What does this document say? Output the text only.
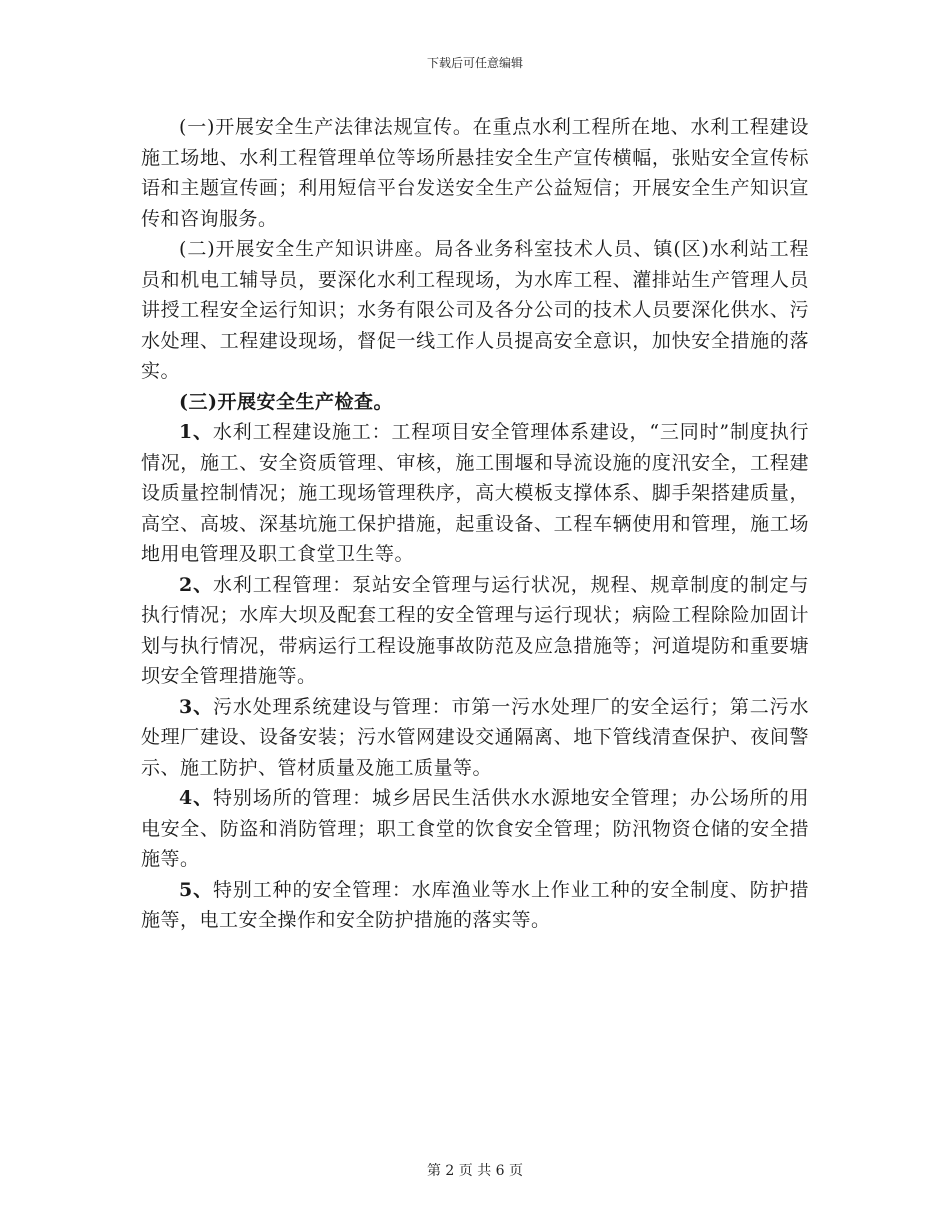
下载后可任意编辑

(一)开展安全生产法律法规宣传。在重点水利工程所在地、水利工程建设施工场地、水利工程管理单位等场所悬挂安全生产宣传横幅，张贴安全宣传标语和主题宣传画；利用短信平台发送安全生产公益短信；开展安全生产知识宣传和咨询服务。

(二)开展安全生产知识讲座。局各业务科室技术人员、镇(区)水利站工程员和机电工辅导员，要深化水利工程现场，为水库工程、灌排站生产管理人员讲授工程安全运行知识；水务有限公司及各分公司的技术人员要深化供水、污水处理、工程建设现场，督促一线工作人员提高安全意识，加快安全措施的落实。

(三)开展安全生产检查。

1、水利工程建设施工：工程项目安全管理体系建设，“三同时”制度执行情况，施工、安全资质管理、审核，施工围堰和导流设施的度汛安全，工程建设质量控制情况；施工现场管理秩序，高大模板支撑体系、脚手架搭建质量，高空、高坡、深基坑施工保护措施，起重设备、工程车辆使用和管理，施工场地用电管理及职工食堂卫生等。

2、水利工程管理：泵站安全管理与运行状况，规程、规章制度的制定与执行情况；水库大坝及配套工程的安全管理与运行现状；病险工程除险加固计划与执行情况，带病运行工程设施事故防范及应急措施等；河道堤防和重要塘坝安全管理措施等。

3、污水处理系统建设与管理：市第一污水处理厂的安全运行；第二污水处理厂建设、设备安装；污水管网建设交通隔离、地下管线清查保护、夜间警示、施工防护、管材质量及施工质量等。

4、特别场所的管理：城乡居民生活供水水源地安全管理；办公场所的用电安全、防盗和消防管理；职工食堂的饮食安全管理；防汛物资仓储的安全措施等。

5、特别工种的安全管理：水库渔业等水上作业工种的安全制度、防护措施等，电工安全操作和安全防护措施的落实等。

第 2 页 共 6 页
